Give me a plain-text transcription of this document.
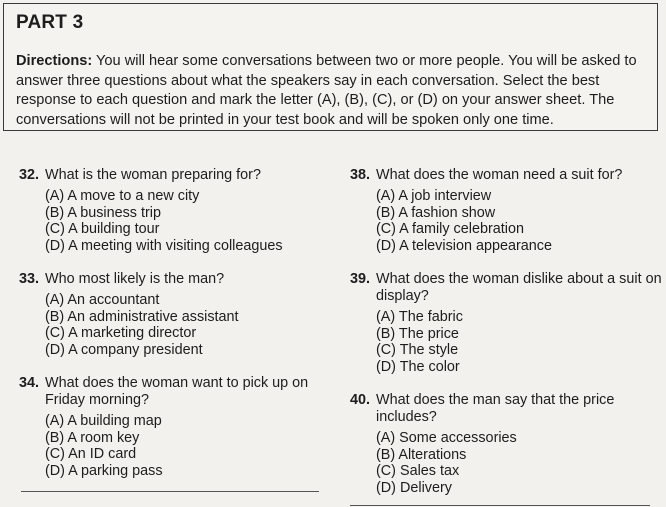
PART 3
Directions: You will hear some conversations between two or more people. You will be asked to answer three questions about what the speakers say in each conversation. Select the best response to each question and mark the letter (A), (B), (C), or (D) on your answer sheet. The conversations will not be printed in your test book and will be spoken only one time.
32. What is the woman preparing for?
(A) A move to a new city
(B) A business trip
(C) A building tour
(D) A meeting with visiting colleagues
33. Who most likely is the man?
(A) An accountant
(B) An administrative assistant
(C) A marketing director
(D) A company president
34. What does the woman want to pick up on
Friday morning?
(A) A building map
(B) A room key
(C) An ID card
(D) A parking pass
38. What does the woman need a suit for?
(A) A job interview
(B) A fashion show
(C) A family celebration
(D) A television appearance
39. What does the woman dislike about a suit on
display?
(A) The fabric
(B) The price
(C) The style
(D) The color
40. What does the man say that the price
includes?
(A) Some accessories
(B) Alterations
(C) Sales tax
(D) Delivery
